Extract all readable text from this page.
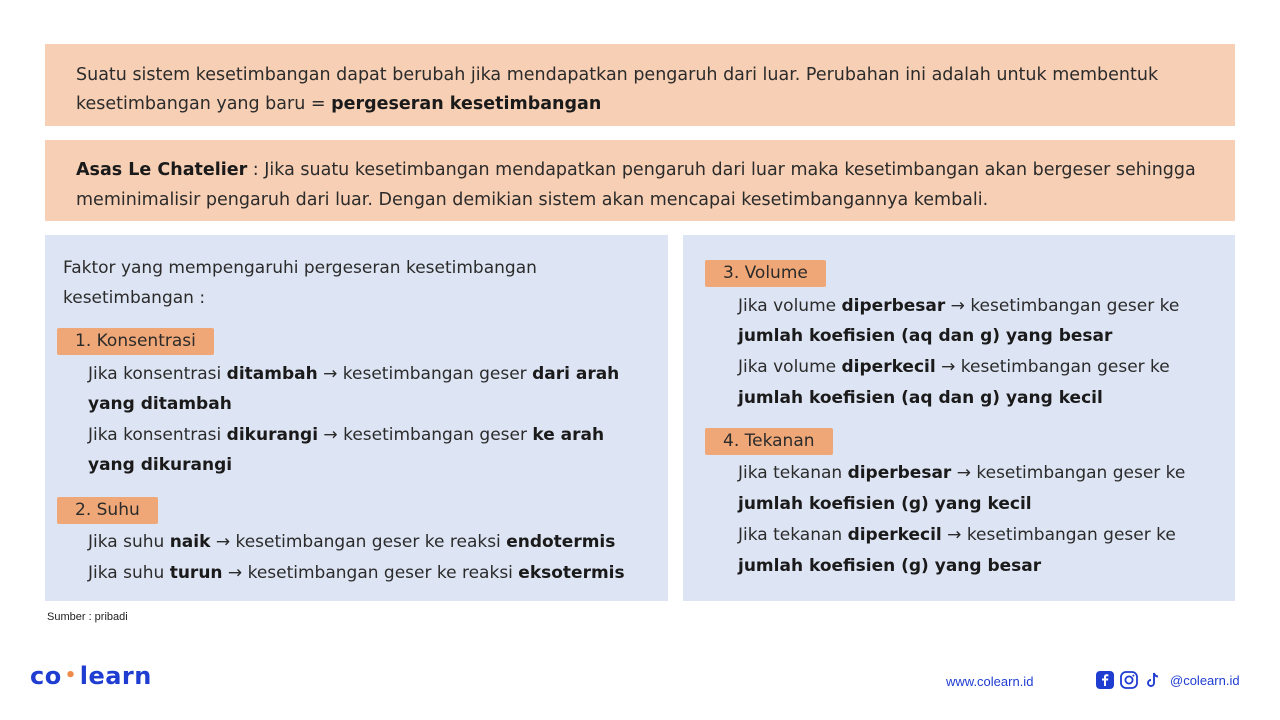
Suatu sistem kesetimbangan dapat berubah jika mendapatkan pengaruh dari luar. Perubahan ini adalah untuk membentuk kesetimbangan yang baru = pergeseran kesetimbangan
Asas Le Chatelier : Jika suatu kesetimbangan mendapatkan pengaruh dari luar maka kesetimbangan akan bergeser sehingga meminimalisir pengaruh dari luar. Dengan demikian sistem akan mencapai kesetimbangannya kembali.
Faktor yang mempengaruhi pergeseran kesetimbangan kesetimbangan :
1. Konsentrasi
Jika konsentrasi ditambah → kesetimbangan geser dari arah
yang ditambah
Jika konsentrasi dikurangi → kesetimbangan geser ke arah
yang dikurangi
2. Suhu
Jika suhu naik → kesetimbangan geser ke reaksi endotermis
Jika suhu turun → kesetimbangan geser ke reaksi eksotermis
3. Volume
Jika volume diperbesar → kesetimbangan geser ke
jumlah koefisien (aq dan g) yang besar
Jika volume diperkecil → kesetimbangan geser ke
jumlah koefisien (aq dan g) yang kecil
4. Tekanan
Jika tekanan diperbesar → kesetimbangan geser ke
jumlah koefisien (g) yang kecil
Jika tekanan diperkecil → kesetimbangan geser ke
jumlah koefisien (g) yang besar
Sumber : pribadi
co • learn	www.colearn.id	@colearn.id
